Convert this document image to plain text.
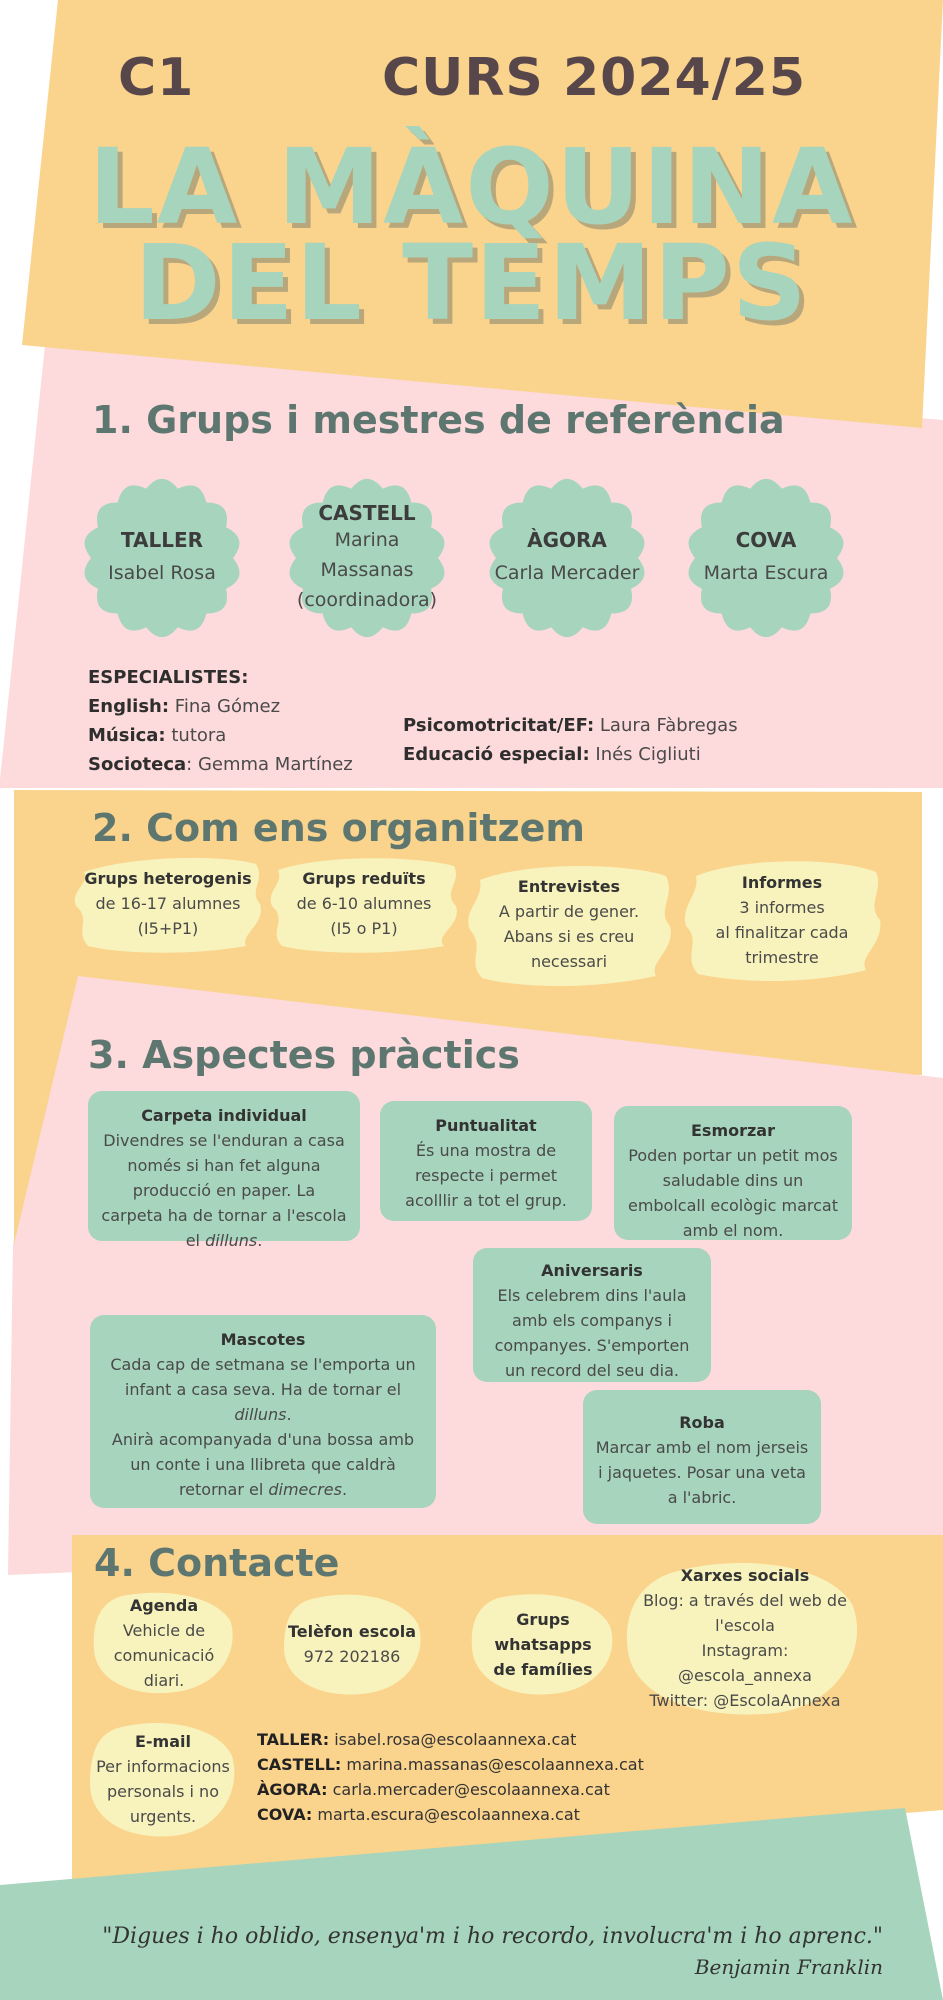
C1	CURS 2024/25
LA MÀQUINA
DEL TEMPS
1. Grups i mestres de referència
TALLER
Isabel Rosa
CASTELL
Marina Massanas (coordinadora)
ÀGORA
Carla Mercader
COVA
Marta Escura
ESPECIALISTES:
English: Fina Gómez
Música: tutora
Socioteca: Gemma Martínez
Psicomotricitat/EF: Laura Fàbregas
Educació especial: Inés Cigliuti
2. Com ens organitzem
Grups heterogenis
de 16-17 alumnes
(I5+P1)
Grups reduïts
de 6-10 alumnes
(I5 o P1)
Entrevistes
A partir de gener.
Abans si es creu
necessari
Informes
3 informes
al finalitzar cada
trimestre
3. Aspectes pràctics
Carpeta individual
Divendres se l'enduran a casa només si han fet alguna producció en paper. La carpeta ha de tornar a l'escola el dilluns.
Puntualitat
És una mostra de respecte i permet acolllir a tot el grup.
Esmorzar
Poden portar un petit mos saludable dins un embolcall ecològic marcat amb el nom.
Aniversaris
Els celebrem dins l'aula amb els companys i companyes. S'emporten un record del seu dia.
Mascotes
Cada cap de setmana se l'emporta un infant a casa seva. Ha de tornar el dilluns.
Anirà acompanyada d'una bossa amb un conte i una llibreta que caldrà retornar el dimecres.
Roba
Marcar amb el nom jerseis i jaquetes. Posar una veta a l'abric.
4. Contacte
Agenda
Vehicle de
comunicació diari.
Telèfon escola
972 202186
Grups whatsapps
de famílies
Xarxes socials
Blog: a través del web de
l'escola
Instagram:
@escola_annexa
Twitter: @EscolaAnnexa
E-mail
Per informacions
personals i no
urgents.
TALLER: isabel.rosa@escolaannexa.cat
CASTELL: marina.massanas@escolaannexa.cat
ÀGORA: carla.mercader@escolaannexa.cat
COVA: marta.escura@escolaannexa.cat
"Digues i ho oblido, ensenya'm i ho recordo, involucra'm i ho aprenc."
Benjamin Franklin
